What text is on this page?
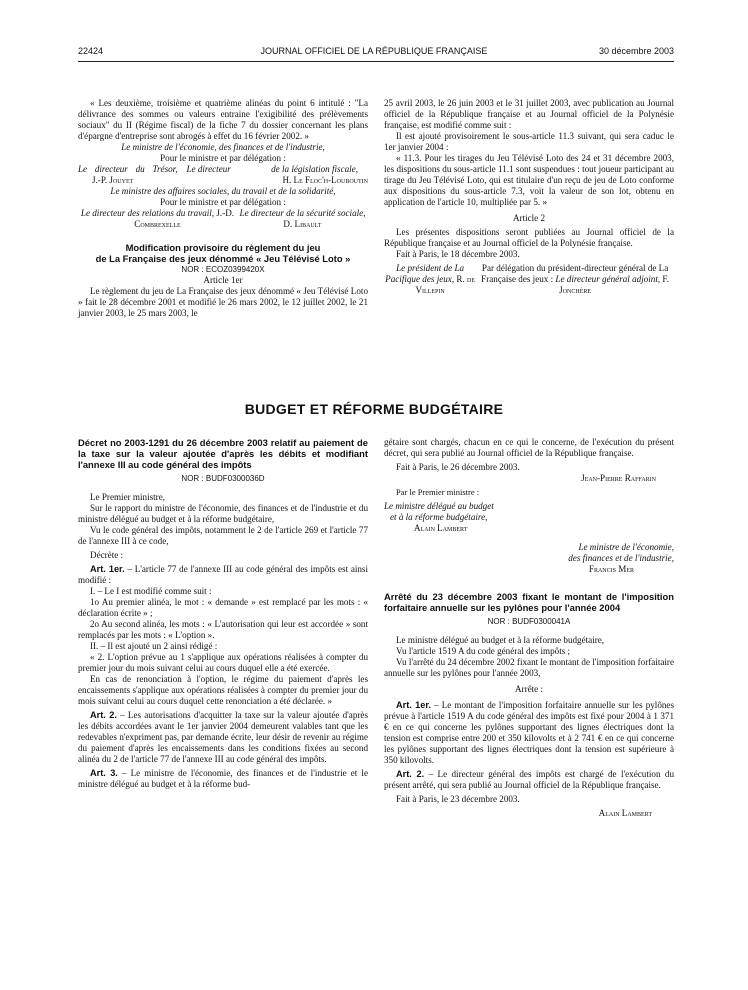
22424	JOURNAL OFFICIEL DE LA RÉPUBLIQUE FRANÇAISE	30 décembre 2003

« Les deuxième, troisième et quatrième alinéas du point 6 intitulé : "La délivrance des sommes ou valeurs entraine l'exigibilité des prélèvements sociaux" du II (Régime fiscal) de la fiche 7 du dossier concernant les plans d'épargne d'entreprise sont abrogés à effet du 16 février 2002. »

Le ministre de l'économie, des finances et de l'industrie,

Pour le ministre et par délégation :

Le directeur du Trésor, J.-P. Jouyet
Le directeur	de la législation fiscale, H. Le Floc'h-Louboutin

Le ministre des affaires sociales, du travail et de la solidarité,

Pour le ministre et par délégation :

Le directeur des relations du travail, J.-D. Combrexelle
Le directeur de la sécurité sociale, D. Libault

Modification provisoire du règlement du jeu

de La Française des jeux dénommé « Jeu Télévisé Loto »

NOR : ECOZ0399420X

Article 1er

Le règlement du jeu de La Française des jeux dénommé « Jeu Télévisé Loto » fait le 28 décembre 2001 et modifié le 26 mars 2002, le 12 juillet 2002, le 21 janvier 2003, le 25 mars 2003, le

25 avril 2003, le 26 juin 2003 et le 31 juillet 2003, avec publication au Journal officiel de la République française et au Journal officiel de la Polynésie française, est modifié comme suit :

Il est ajouté provisoirement le sous-article 11.3 suivant, qui sera caduc le 1er janvier 2004 :

« 11.3. Pour les tirages du Jeu Télévisé Loto des 24 et 31 décembre 2003, les dispositions du sous-article 11.1 sont suspendues : tout joueur participant au tirage du Jeu Télévisé Loto, qui est titulaire d'un reçu de jeu de Loto conforme aux dispositions du sous-article 7.3, voit la valeur de son lot, obtenu en application de l'article 10, multipliée par 5. »

Article 2

Les présentes dispositions seront publiées au Journal officiel de la République française et au Journal officiel de la Polynésie française.

Fait à Paris, le 18 décembre 2003.

Le président de La Pacifique des jeux, R. de Villepin
Par délégation du président-directeur général de La Française des jeux : Le directeur général adjoint, F. Jonchère
BUDGET ET RÉFORME BUDGÉTAIRE

Décret no 2003-1291 du 26 décembre 2003 relatif au paiement de la taxe sur la valeur ajoutée d'après les débits et modifiant l'annexe III au code général des impôts

NOR : BUDF0300036D

Le Premier ministre,

Sur le rapport du ministre de l'économie, des finances et de l'industrie et du ministre délégué au budget et à la réforme budgétaire,

Vu le code général des impôts, notamment le 2 de l'article 269 et l'article 77 de l'annexe III à ce code,

Décrète :

Art. 1er. – L'article 77 de l'annexe III au code général des impôts est ainsi modifié :

I. – Le I est modifié comme suit :

1o Au premier alinéa, le mot : « demande » est remplacé par les mots : « déclaration écrite » ;

2o Au second alinéa, les mots : « L'autorisation qui leur est accordée » sont remplacés par les mots : « L'option ».

II. – Il est ajouté un 2 ainsi rédigé :

« 2. L'option prévue au 1 s'applique aux opérations réalisées à compter du premier jour du mois suivant celui au cours duquel elle a été exercée.

En cas de renonciation à l'option, le régime du paiement d'après les encaissements s'applique aux opérations réalisées à compter du premier jour du mois suivant celui au cours duquel cette renonciation a été déclarée. »

Art. 2. – Les autorisations d'acquitter la taxe sur la valeur ajoutée d'après les débits accordées avant le 1er janvier 2004 demeurent valables tant que les redevables n'expriment pas, par demande écrite, leur désir de revenir au régime du paiement d'après les encaissements dans les conditions fixées au second alinéa du 2 de l'article 77 de l'annexe III au code général des impôts.

Art. 3. – Le ministre de l'économie, des finances et de l'industrie et le ministre délégué au budget et à la réforme bud-

gétaire sont chargés, chacun en ce qui le concerne, de l'exécution du présent décret, qui sera publié au Journal officiel de la République française.

Fait à Paris, le 26 décembre 2003.

Jean-Pierre Raffarin

Par le Premier ministre :

Le ministre délégué au budget

et à la réforme budgétaire,

Alain Lambert

Le ministre de l'économie,

des finances et de l'industrie,

Francis Mer

Arrêté du 23 décembre 2003 fixant le montant de l'imposition forfaitaire annuelle sur les pylônes pour l'année 2004

NOR : BUDF0300041A

Le ministre délégué au budget et à la réforme budgétaire,

Vu l'article 1519 A du code général des impôts ;

Vu l'arrêté du 24 décembre 2002 fixant le montant de l'imposition forfaitaire annuelle sur les pylônes pour l'année 2003,

Arrête :

Art. 1er. – Le montant de l'imposition forfaitaire annuelle sur les pylônes prévue à l'article 1519 A du code général des impôts est fixé pour 2004 à 1 371 € en ce qui concerne les pylônes supportant des lignes électriques dont la tension est comprise entre 200 et 350 kilovolts et à 2 741 € en ce qui concerne les pylônes supportant des lignes électriques dont la tension est supérieure à 350 kilovolts.

Art. 2. – Le directeur général des impôts est chargé de l'exécution du présent arrêté, qui sera publié au Journal officiel de la République française.

Fait à Paris, le 23 décembre 2003.

Alain Lambert
